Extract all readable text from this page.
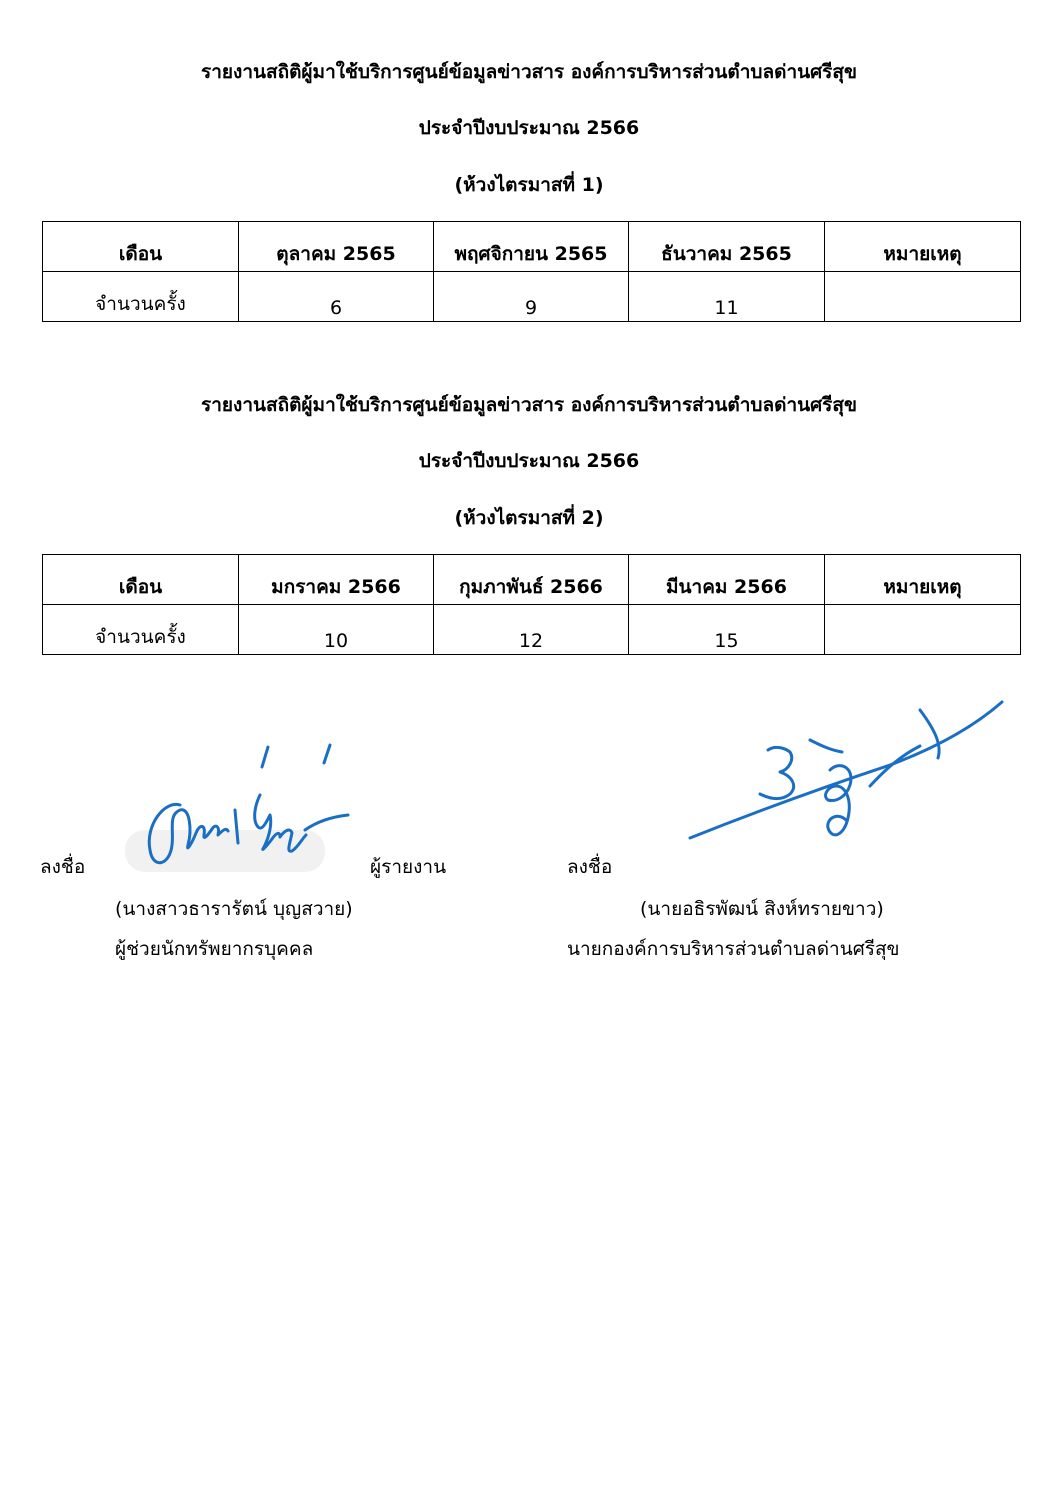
รายงานสถิติผู้มาใช้บริการศูนย์ข้อมูลข่าวสาร องค์การบริหารส่วนตำบลด่านศรีสุข
ประจำปีงบประมาณ 2566
(ห้วงไตรมาสที่ 1)
เดือน	ตุลาคม 2565	พฤศจิกายน 2565	ธันวาคม 2565	หมายเหตุ
จำนวนครั้ง	6	9	11	
รายงานสถิติผู้มาใช้บริการศูนย์ข้อมูลข่าวสาร องค์การบริหารส่วนตำบลด่านศรีสุข
ประจำปีงบประมาณ 2566
(ห้วงไตรมาสที่ 2)
เดือน	มกราคม 2566	กุมภาพันธ์ 2566	มีนาคม 2566	หมายเหตุ
จำนวนครั้ง	10	12	15	
ลงชื่อ	ผู้รายงาน
(นางสาวธารารัตน์ บุญสวาย)
ผู้ช่วยนักทรัพยากรบุคคล
ลงชื่อ
(นายอธิรพัฒน์ สิงห์ทรายขาว)
นายกองค์การบริหารส่วนตำบลด่านศรีสุข
